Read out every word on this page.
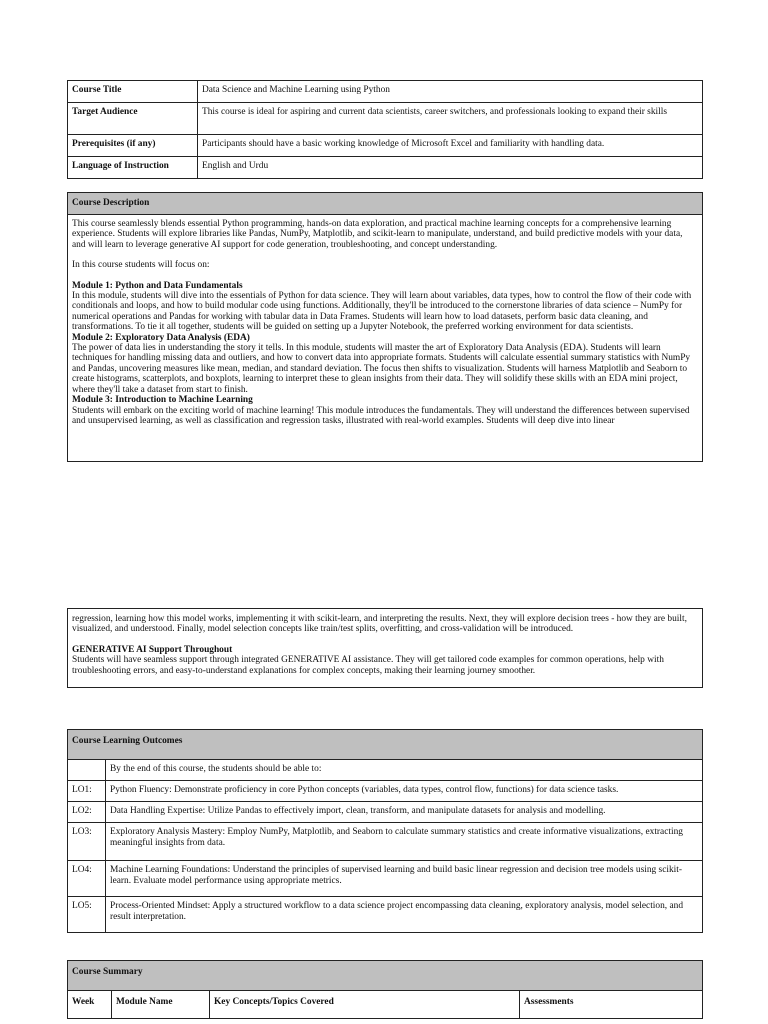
Course Title	Data Science and Machine Learning using Python
Target Audience	This course is ideal for aspiring and current data scientists, career switchers, and professionals looking to expand their skills
Prerequisites (if any)	Participants should have a basic working knowledge of Microsoft Excel and familiarity with handling data.
Language of Instruction	English and Urdu
Course Description

This course seamlessly blends essential Python programming, hands-on data exploration, and practical machine learning concepts for a comprehensive learning experience. Students will explore libraries like Pandas, NumPy, Matplotlib, and scikit-learn to manipulate, understand, and build predictive models with your data, and will learn to leverage generative AI support for code generation, troubleshooting, and concept understanding.

In this course students will focus on:

Module 1: Python and Data Fundamentals

In this module, students will dive into the essentials of Python for data science. They will learn about variables, data types, how to control the flow of their code with conditionals and loops, and how to build modular code using functions. Additionally, they'll be introduced to the cornerstone libraries of data science – NumPy for numerical operations and Pandas for working with tabular data in Data Frames. Students will learn how to load datasets, perform basic data cleaning, and transformations. To tie it all together, students will be guided on setting up a Jupyter Notebook, the preferred working environment for data scientists.

Module 2: Exploratory Data Analysis (EDA)

The power of data lies in understanding the story it tells. In this module, students will master the art of Exploratory Data Analysis (EDA). Students will learn techniques for handling missing data and outliers, and how to convert data into appropriate formats. Students will calculate essential summary statistics with NumPy and Pandas, uncovering measures like mean, median, and standard deviation. The focus then shifts to visualization. Students will harness Matplotlib and Seaborn to create histograms, scatterplots, and boxplots, learning to interpret these to glean insights from their data. They will solidify these skills with an EDA mini project, where they'll take a dataset from start to finish.

Module 3: Introduction to Machine Learning

Students will embark on the exciting world of machine learning! This module introduces the fundamentals. They will understand the differences between supervised and unsupervised learning, as well as classification and regression tasks, illustrated with real-world examples. Students will deep dive into linear

regression, learning how this model works, implementing it with scikit-learn, and interpreting the results. Next, they will explore decision trees - how they are built, visualized, and understood. Finally, model selection concepts like train/test splits, overfitting, and cross-validation will be introduced.

GENERATIVE AI Support Throughout

Students will have seamless support through integrated GENERATIVE AI assistance. They will get tailored code examples for common operations, help with troubleshooting errors, and easy-to-understand explanations for complex concepts, making their learning journey smoother.

Course Learning Outcomes	
	By the end of this course, the students should be able to:
LO1:	Python Fluency: Demonstrate proficiency in core Python concepts (variables, data types, control flow, functions) for data science tasks.
LO2:	Data Handling Expertise: Utilize Pandas to effectively import, clean, transform, and manipulate datasets for analysis and modelling.
LO3:	Exploratory Analysis Mastery: Employ NumPy, Matplotlib, and Seaborn to calculate summary statistics and create informative visualizations, extracting meaningful insights from data.
LO4:	Machine Learning Foundations: Understand the principles of supervised learning and build basic linear regression and decision tree models using scikit-learn. Evaluate model performance using appropriate metrics.
LO5:	Process-Oriented Mindset: Apply a structured workflow to a data science project encompassing data cleaning, exploratory analysis, model selection, and result interpretation.
Course Summary
Week	Module Name	Key Concepts/Topics Covered	Assessments
